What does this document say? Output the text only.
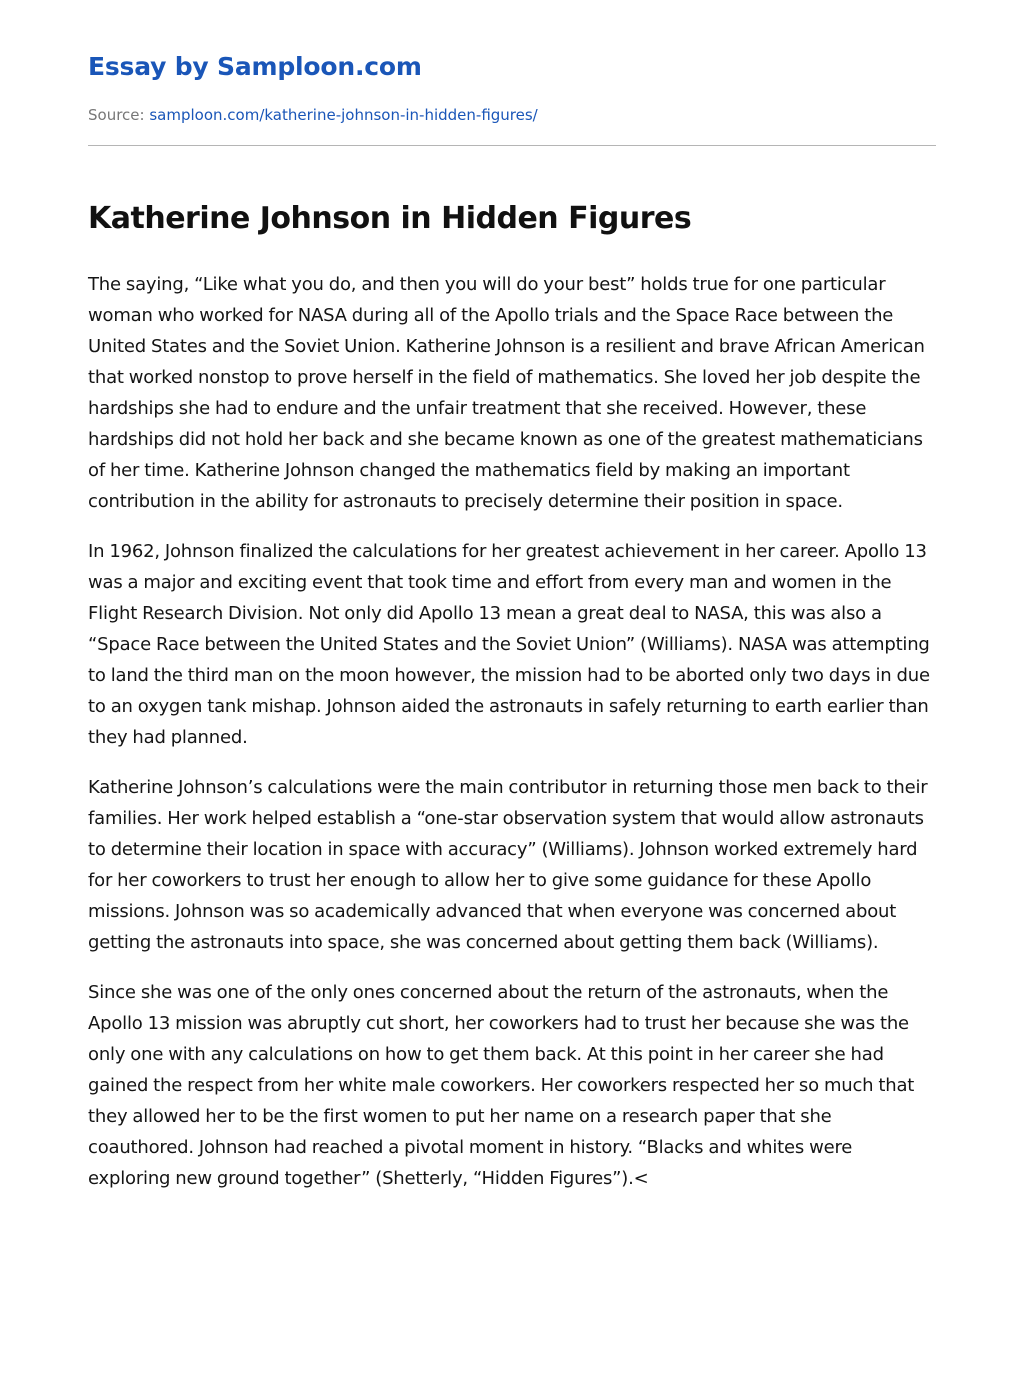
Essay by Samploon.com
Source: samploon.com/katherine-johnson-in-hidden-figures/
Katherine Johnson in Hidden Figures

The saying, “Like what you do, and then you will do your best” holds true for one particular woman who worked for NASA during all of the Apollo trials and the Space Race between the United States and the Soviet Union. Katherine Johnson is a resilient and brave African American that worked nonstop to prove herself in the field of mathematics. She loved her job despite the hardships she had to endure and the unfair treatment that she received. However, these hardships did not hold her back and she became known as one of the greatest mathematicians of her time. Katherine Johnson changed the mathematics field by making an important contribution in the ability for astronauts to precisely determine their position in space.

In 1962, Johnson finalized the calculations for her greatest achievement in her career. Apollo 13 was a major and exciting event that took time and effort from every man and women in the Flight Research Division. Not only did Apollo 13 mean a great deal to NASA, this was also a “Space Race between the United States and the Soviet Union” (Williams). NASA was attempting to land the third man on the moon however, the mission had to be aborted only two days in due to an oxygen tank mishap. Johnson aided the astronauts in safely returning to earth earlier than they had planned.

Katherine Johnson’s calculations were the main contributor in returning those men back to their families. Her work helped establish a “one-star observation system that would allow astronauts to determine their location in space with accuracy” (Williams). Johnson worked extremely hard for her coworkers to trust her enough to allow her to give some guidance for these Apollo missions. Johnson was so academically advanced that when everyone was concerned about getting the astronauts into space, she was concerned about getting them back (Williams).

Since she was one of the only ones concerned about the return of the astronauts, when the Apollo 13 mission was abruptly cut short, her coworkers had to trust her because she was the only one with any calculations on how to get them back. At this point in her career she had gained the respect from her white male coworkers. Her coworkers respected her so much that they allowed her to be the first women to put her name on a research paper that she coauthored. Johnson had reached a pivotal moment in history. “Blacks and whites were exploring new ground together” (Shetterly, “Hidden Figures”).<
